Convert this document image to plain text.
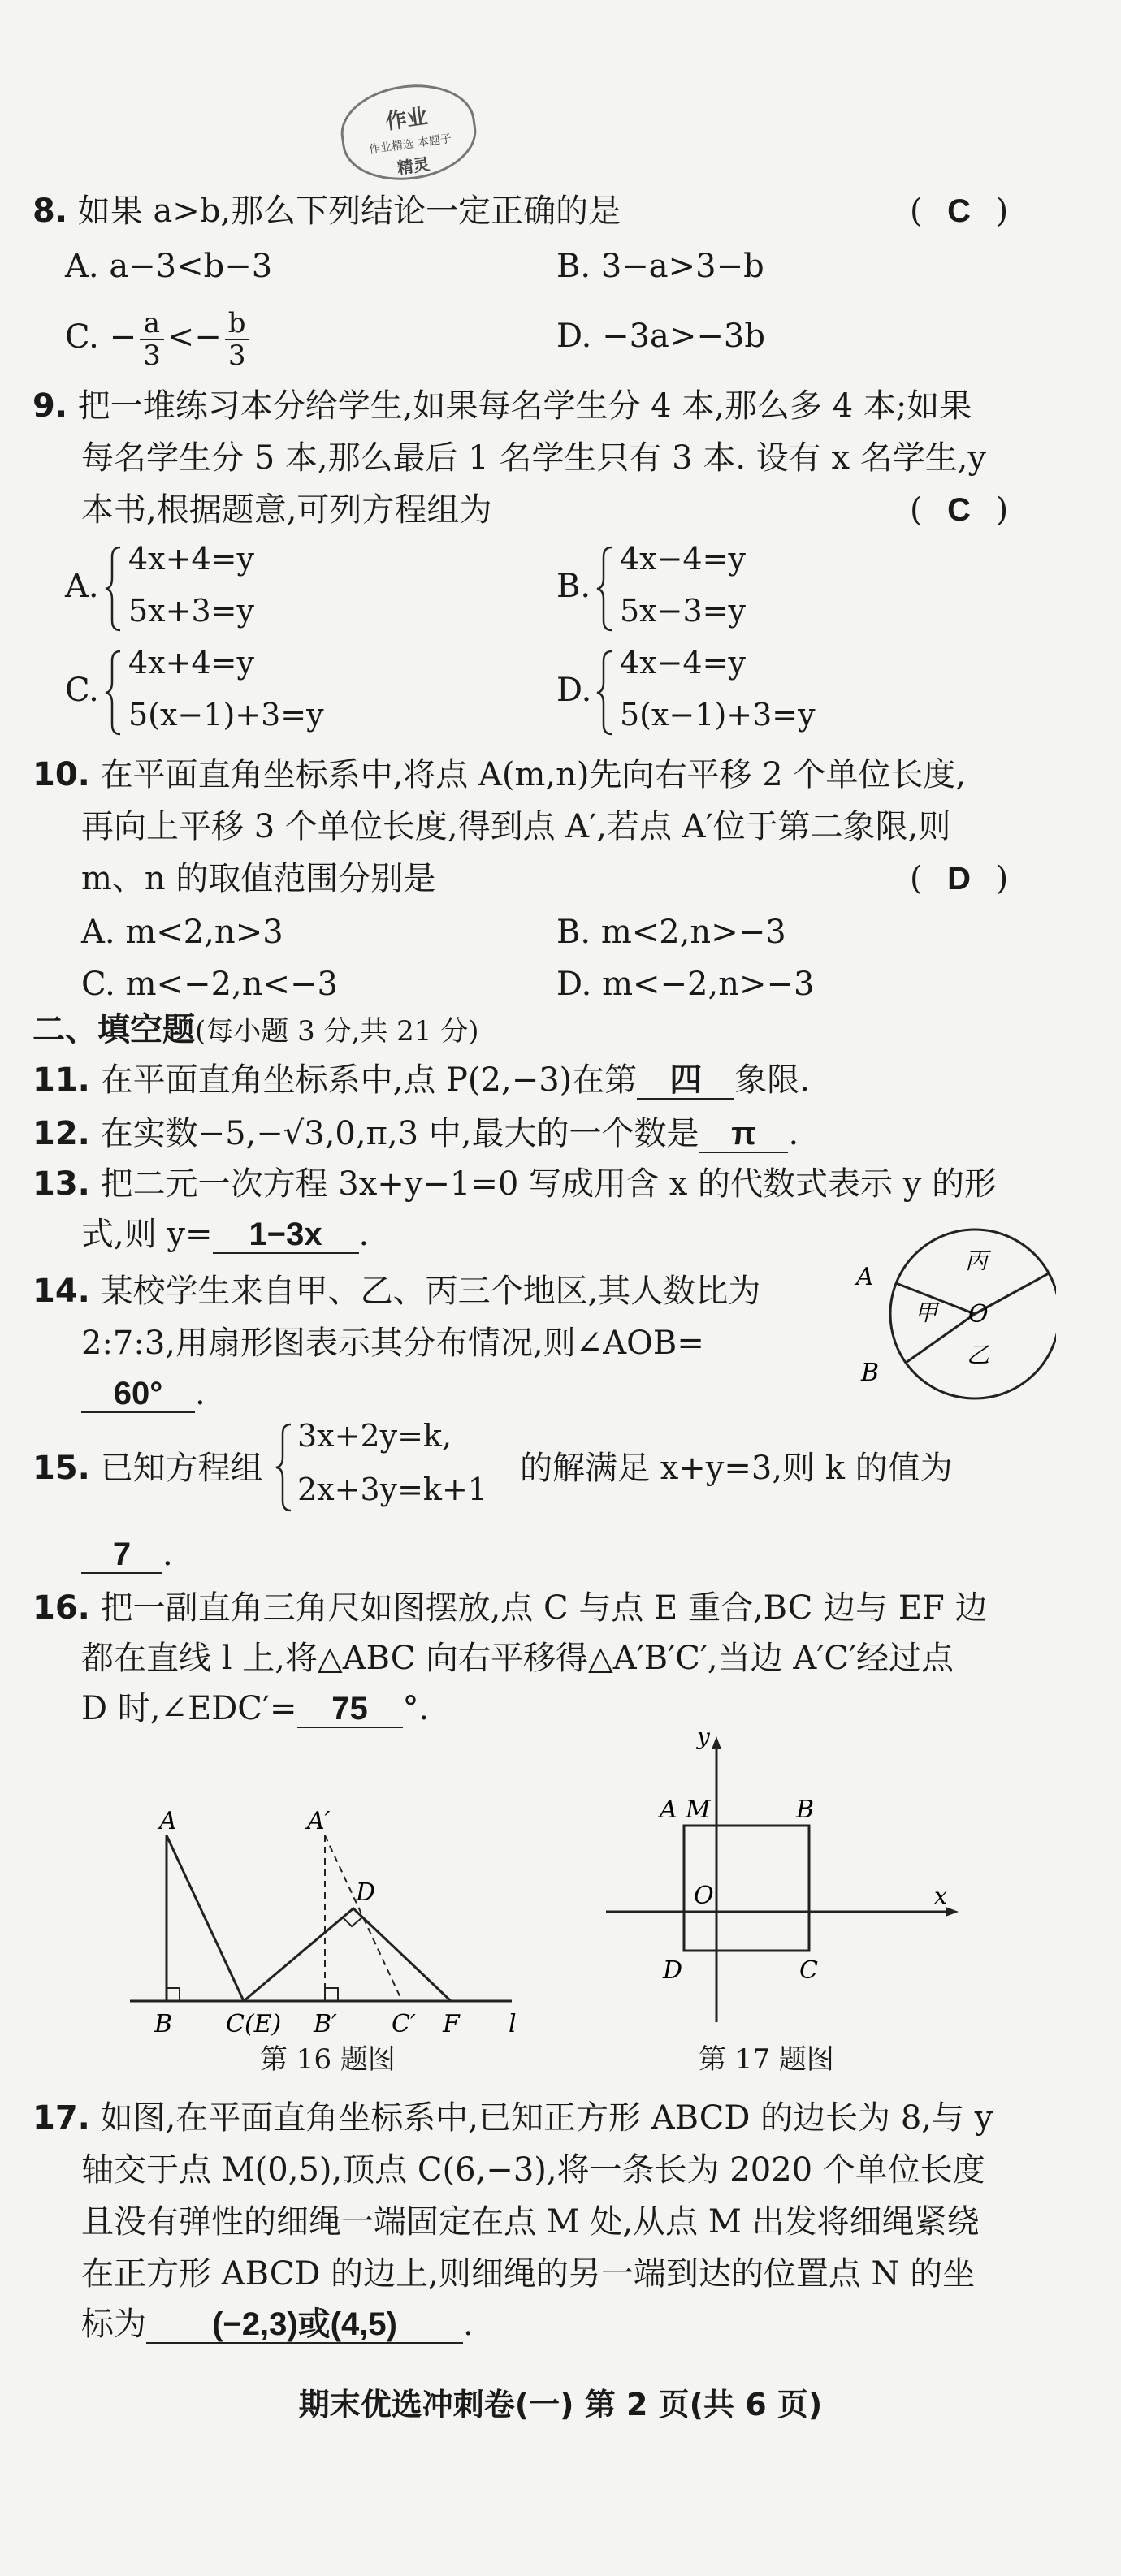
作业
作业精选 本题子
精灵
8. 如果 a>b,那么下列结论一定正确的是	( C )
A. a−3<b−3	B. 3−a>3−b
C. − $\frac{a}{3} <- \frac{b}{3}$	D. −3a>−3b
9. 把一堆练习本分给学生,如果每名学生分 4 本,那么多 4 本;如果
每名学生分 5 本,那么最后 1 名学生只有 3 本. 设有 x 名学生,y
本书,根据题意,可列方程组为	( C )
A.
4x+4=y
5x+3=y
B.
4x−4=y
5x−3=y
C.
4x+4=y
5(x−1)+3=y
D.
4x−4=y
5(x−1)+3=y
10. 在平面直角坐标系中,将点 A(m,n)先向右平移 2 个单位长度,
再向上平移 3 个单位长度,得到点 A′,若点 A′位于第二象限,则
m、n 的取值范围分别是	( D )
A. m<2,n>3	B. m<2,n>−3
C. m<−2,n<−3	D. m<−2,n>−3
二、填空题(每小题 3 分,共 21 分)
11. 在平面直角坐标系中,点 P(2,−3)在第 四 象限.
12. 在实数−5,−√3,0,π,3 中,最大的一个数是 π .
13. 把二元一次方程 3x+y−1=0 写成用含 x 的代数式表示 y 的形
式,则 y= 1−3x .
14. 某校学生来自甲、乙、丙三个地区,其人数比为
2:7:3,用扇形图表示其分布情况,则∠AOB=
60° .
A
B
O
甲
乙
丙
15. 已知方程组
3x+2y=k,
2x+3y=k+1
的解满足 x+y=3,则 k 的值为
7 .
16. 把一副直角三角尺如图摆放,点 C 与点 E 重合,BC 边与 EF 边
都在直线 l 上,将△ABC 向右平移得△A′B′C′,当边 A′C′经过点
D 时,∠EDC′= 75 °.
A	A′
D
B C(E) B′ C′ F l
第 16 题图
y
x
A M	B
O
D	C
第 17 题图
17. 如图,在平面直角坐标系中,已知正方形 ABCD 的边长为 8,与 y
轴交于点 M(0,5),顶点 C(6,−3),将一条长为 2020 个单位长度
且没有弹性的细绳一端固定在点 M 处,从点 M 出发将细绳紧绕
在正方形 ABCD 的边上,则细绳的另一端到达的位置点 N 的坐
标为 (−2,3)或(4,5) .
期末优选冲刺卷(一) 第 2 页(共 6 页)
